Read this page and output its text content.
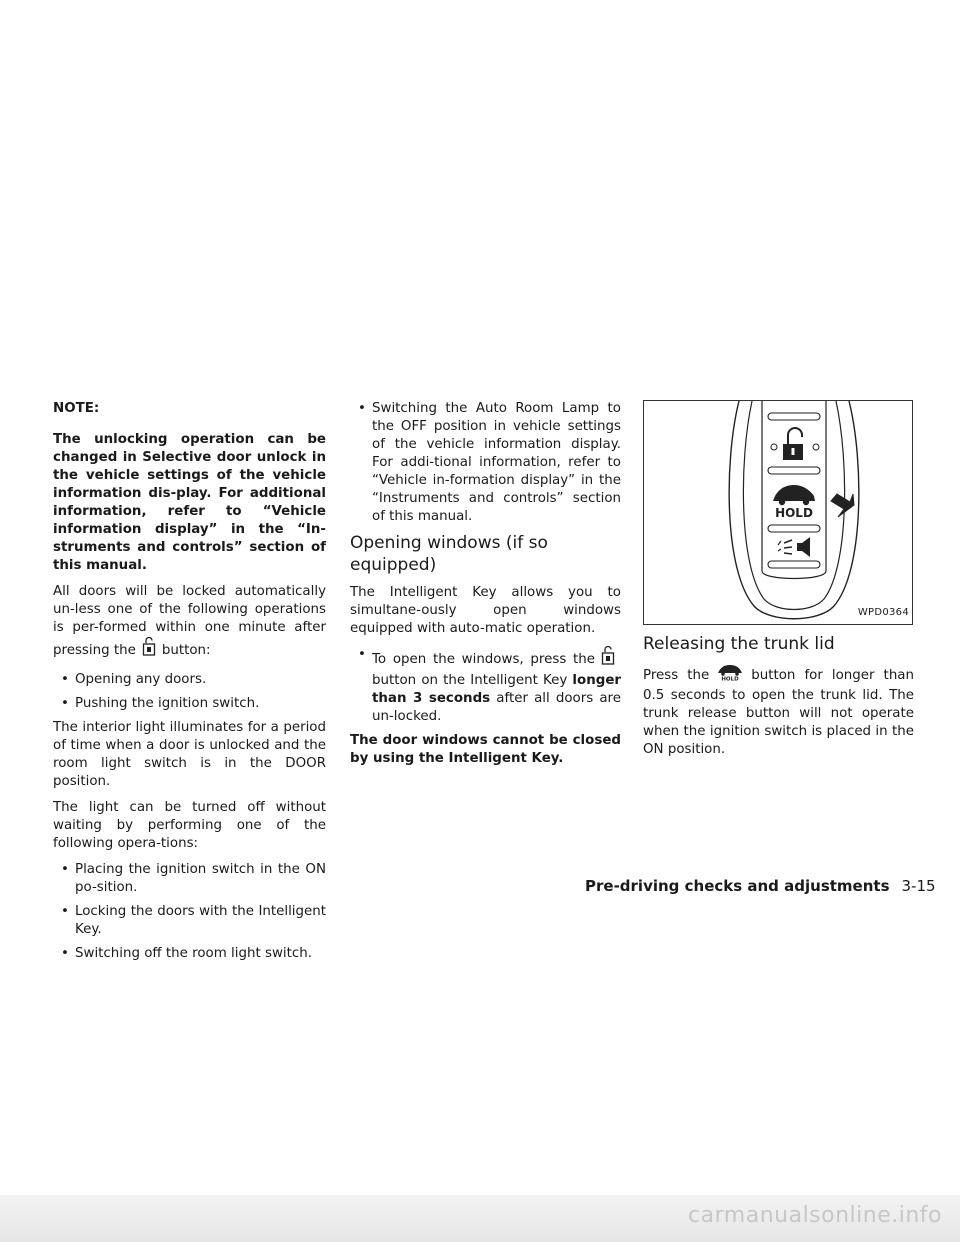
NOTE:

The unlocking operation can be changed in Selective door unlock in the vehicle settings of the vehicle information dis-play. For additional information, refer to “Vehicle information display” in the “In-struments and controls” section of this manual.

All doors will be locked automatically un-less one of the following operations is per-formed within one minute after pressing the button:

• Opening any doors.
• Pushing the ignition switch.

The interior light illuminates for a period of time when a door is unlocked and the room light switch is in the DOOR position.

The light can be turned off without waiting by performing one of the following opera-tions:

• Placing the ignition switch in the ON po-sition.
• Locking the doors with the Intelligent Key.
• Switching off the room light switch.
• Switching the Auto Room Lamp to the OFF position in vehicle settings of the vehicle information display. For addi-tional information, refer to “Vehicle in-formation display” in the “Instruments and controls” section of this manual.
Opening windows (if so equipped)

The Intelligent Key allows you to simultane-ously open windows equipped with auto-matic operation.

• To open the windows, press thebutton on the Intelligent Key longer than 3 seconds after all doors are un-locked.

The door windows cannot be closed by using the Intelligent Key.

HOLD
WPD0364
Releasing the trunk lid

Press the HOLD button for longer than 0.5 seconds to open the trunk lid. The trunk release button will not operate when the ignition switch is placed in the ON position.

Pre-driving checks and adjustments 3-15
carmanualsonline.info
